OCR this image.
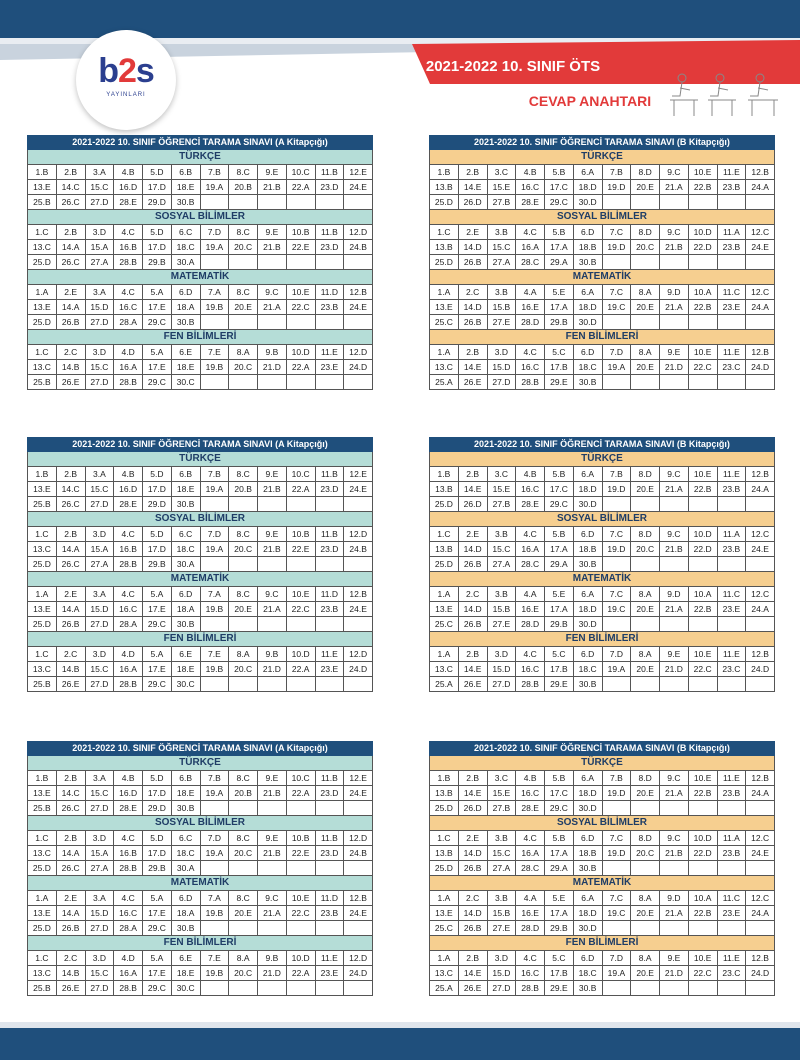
b2s
YAYINLARI
2021-2022 10. SINIF ÖTS
CEVAP ANAHTARI
2021-2022 10. SINIF ÖĞRENCİ TARAMA SINAVI (A Kitapçığı)
TÜRKÇE
1.B	2.B	3.A	4.B	5.D	6.B	7.B	8.C	9.E	10.C	11.B	12.E
13.E	14.C	15.C	16.D	17.D	18.E	19.A	20.B	21.B	22.A	23.D	24.E
25.B	26.C	27.D	28.E	29.D	30.B
SOSYAL BİLİMLER
1.C	2.B	3.D	4.C	5.D	6.C	7.D	8.C	9.E	10.B	11.B	12.D
13.C	14.A	15.A	16.B	17.D	18.C	19.A	20.C	21.B	22.E	23.D	24.B
25.D	26.C	27.A	28.B	29.B	30.A
MATEMATİK
1.A	2.E	3.A	4.C	5.A	6.D	7.A	8.C	9.C	10.E	11.D	12.B
13.E	14.A	15.D	16.C	17.E	18.A	19.B	20.E	21.A	22.C	23.B	24.E
25.D	26.B	27.D	28.A	29.C	30.B
FEN BİLİMLERİ
1.C	2.C	3.D	4.D	5.A	6.E	7.E	8.A	9.B	10.D	11.E	12.D
13.C	14.B	15.C	16.A	17.E	18.E	19.B	20.C	21.D	22.A	23.E	24.D
25.B	26.E	27.D	28.B	29.C	30.C
2021-2022 10. SINIF ÖĞRENCİ TARAMA SINAVI (B Kitapçığı)
TÜRKÇE
1.B	2.B	3.C	4.B	5.B	6.A	7.B	8.D	9.C	10.E	11.E	12.B
13.B	14.E	15.E	16.C	17.C	18.D	19.D	20.E	21.A	22.B	23.B	24.A
25.D	26.D	27.B	28.E	29.C	30.D
SOSYAL BİLİMLER
1.C	2.E	3.B	4.C	5.B	6.D	7.C	8.D	9.C	10.D	11.A	12.C
13.B	14.D	15.C	16.A	17.A	18.B	19.D	20.C	21.B	22.D	23.B	24.E
25.D	26.B	27.A	28.C	29.A	30.B
MATEMATİK
1.A	2.C	3.B	4.A	5.E	6.A	7.C	8.A	9.D	10.A	11.C	12.C
13.E	14.D	15.B	16.E	17.A	18.D	19.C	20.E	21.A	22.B	23.E	24.A
25.C	26.B	27.E	28.D	29.B	30.D
FEN BİLİMLERİ
1.A	2.B	3.D	4.C	5.C	6.D	7.D	8.A	9.E	10.E	11.E	12.B
13.C	14.E	15.D	16.C	17.B	18.C	19.A	20.E	21.D	22.C	23.C	24.D
25.A	26.E	27.D	28.B	29.E	30.B
2021-2022 10. SINIF ÖĞRENCİ TARAMA SINAVI (A Kitapçığı)
TÜRKÇE
1.B	2.B	3.A	4.B	5.D	6.B	7.B	8.C	9.E	10.C	11.B	12.E
13.E	14.C	15.C	16.D	17.D	18.E	19.A	20.B	21.B	22.A	23.D	24.E
25.B	26.C	27.D	28.E	29.D	30.B
SOSYAL BİLİMLER
1.C	2.B	3.D	4.C	5.D	6.C	7.D	8.C	9.E	10.B	11.B	12.D
13.C	14.A	15.A	16.B	17.D	18.C	19.A	20.C	21.B	22.E	23.D	24.B
25.D	26.C	27.A	28.B	29.B	30.A
MATEMATİK
1.A	2.E	3.A	4.C	5.A	6.D	7.A	8.C	9.C	10.E	11.D	12.B
13.E	14.A	15.D	16.C	17.E	18.A	19.B	20.E	21.A	22.C	23.B	24.E
25.D	26.B	27.D	28.A	29.C	30.B
FEN BİLİMLERİ
1.C	2.C	3.D	4.D	5.A	6.E	7.E	8.A	9.B	10.D	11.E	12.D
13.C	14.B	15.C	16.A	17.E	18.E	19.B	20.C	21.D	22.A	23.E	24.D
25.B	26.E	27.D	28.B	29.C	30.C
2021-2022 10. SINIF ÖĞRENCİ TARAMA SINAVI (B Kitapçığı)
TÜRKÇE
1.B	2.B	3.C	4.B	5.B	6.A	7.B	8.D	9.C	10.E	11.E	12.B
13.B	14.E	15.E	16.C	17.C	18.D	19.D	20.E	21.A	22.B	23.B	24.A
25.D	26.D	27.B	28.E	29.C	30.D
SOSYAL BİLİMLER
1.C	2.E	3.B	4.C	5.B	6.D	7.C	8.D	9.C	10.D	11.A	12.C
13.B	14.D	15.C	16.A	17.A	18.B	19.D	20.C	21.B	22.D	23.B	24.E
25.D	26.B	27.A	28.C	29.A	30.B
MATEMATİK
1.A	2.C	3.B	4.A	5.E	6.A	7.C	8.A	9.D	10.A	11.C	12.C
13.E	14.D	15.B	16.E	17.A	18.D	19.C	20.E	21.A	22.B	23.E	24.A
25.C	26.B	27.E	28.D	29.B	30.D
FEN BİLİMLERİ
1.A	2.B	3.D	4.C	5.C	6.D	7.D	8.A	9.E	10.E	11.E	12.B
13.C	14.E	15.D	16.C	17.B	18.C	19.A	20.E	21.D	22.C	23.C	24.D
25.A	26.E	27.D	28.B	29.E	30.B
2021-2022 10. SINIF ÖĞRENCİ TARAMA SINAVI (A Kitapçığı)
TÜRKÇE
1.B	2.B	3.A	4.B	5.D	6.B	7.B	8.C	9.E	10.C	11.B	12.E
13.E	14.C	15.C	16.D	17.D	18.E	19.A	20.B	21.B	22.A	23.D	24.E
25.B	26.C	27.D	28.E	29.D	30.B
SOSYAL BİLİMLER
1.C	2.B	3.D	4.C	5.D	6.C	7.D	8.C	9.E	10.B	11.B	12.D
13.C	14.A	15.A	16.B	17.D	18.C	19.A	20.C	21.B	22.E	23.D	24.B
25.D	26.C	27.A	28.B	29.B	30.A
MATEMATİK
1.A	2.E	3.A	4.C	5.A	6.D	7.A	8.C	9.C	10.E	11.D	12.B
13.E	14.A	15.D	16.C	17.E	18.A	19.B	20.E	21.A	22.C	23.B	24.E
25.D	26.B	27.D	28.A	29.C	30.B
FEN BİLİMLERİ
1.C	2.C	3.D	4.D	5.A	6.E	7.E	8.A	9.B	10.D	11.E	12.D
13.C	14.B	15.C	16.A	17.E	18.E	19.B	20.C	21.D	22.A	23.E	24.D
25.B	26.E	27.D	28.B	29.C	30.C
2021-2022 10. SINIF ÖĞRENCİ TARAMA SINAVI (B Kitapçığı)
TÜRKÇE
1.B	2.B	3.C	4.B	5.B	6.A	7.B	8.D	9.C	10.E	11.E	12.B
13.B	14.E	15.E	16.C	17.C	18.D	19.D	20.E	21.A	22.B	23.B	24.A
25.D	26.D	27.B	28.E	29.C	30.D
SOSYAL BİLİMLER
1.C	2.E	3.B	4.C	5.B	6.D	7.C	8.D	9.C	10.D	11.A	12.C
13.B	14.D	15.C	16.A	17.A	18.B	19.D	20.C	21.B	22.D	23.B	24.E
25.D	26.B	27.A	28.C	29.A	30.B
MATEMATİK
1.A	2.C	3.B	4.A	5.E	6.A	7.C	8.A	9.D	10.A	11.C	12.C
13.E	14.D	15.B	16.E	17.A	18.D	19.C	20.E	21.A	22.B	23.E	24.A
25.C	26.B	27.E	28.D	29.B	30.D
FEN BİLİMLERİ
1.A	2.B	3.D	4.C	5.C	6.D	7.D	8.A	9.E	10.E	11.E	12.B
13.C	14.E	15.D	16.C	17.B	18.C	19.A	20.E	21.D	22.C	23.C	24.D
25.A	26.E	27.D	28.B	29.E	30.B
